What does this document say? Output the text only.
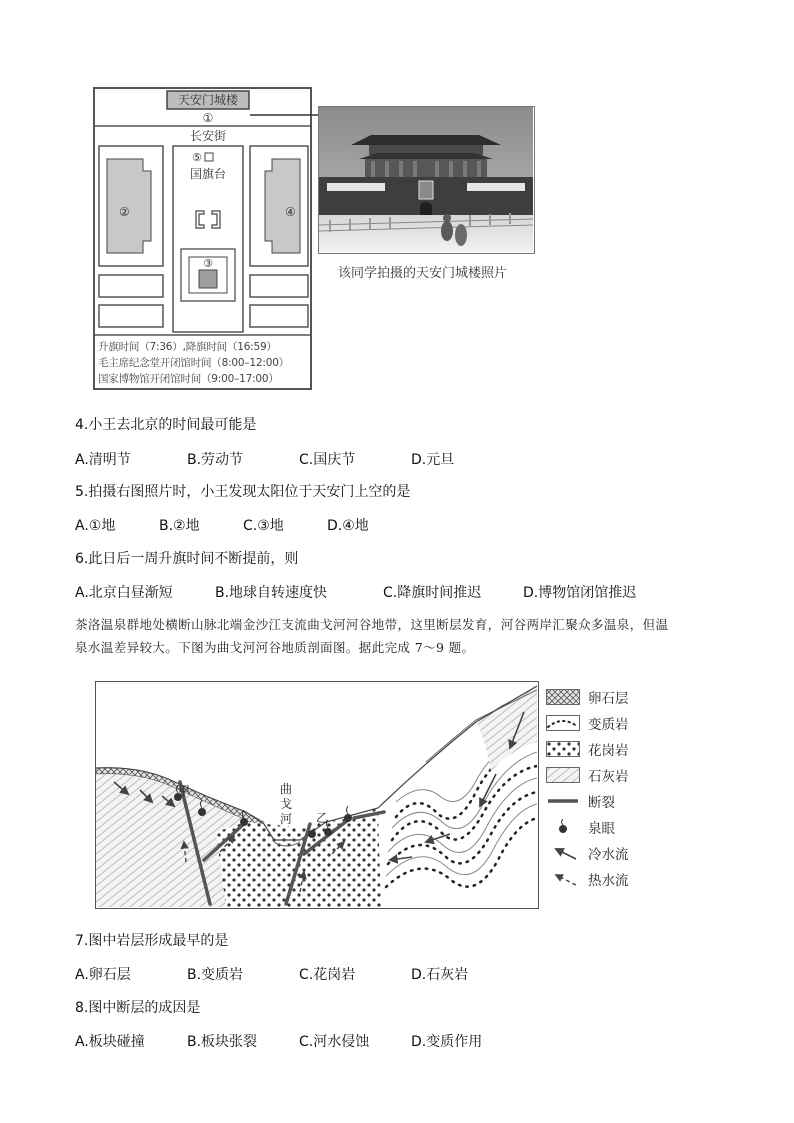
天安门城楼
①
长安街
②
⑤
国旗台
③
④
升旗时间（7:36）,降旗时间（16:59）
毛主席纪念堂开闭馆时间（8:00–12:00）
国家博物馆开闭馆时间（9:00–17:00）
该同学拍摄的天安门城楼照片
4.小王去北京的时间最可能是
A.清明节	B.劳动节	C.国庆节	D.元旦
5.拍摄右图照片时，小王发现太阳位于天安门上空的是
A.①地	B.②地	C.③地	D.④地
6.此日后一周升旗时间不断提前，则
A.北京白昼渐短	B.地球自转速度快	C.降旗时间推迟	D.博物馆闭馆推迟
茶洛温泉群地处横断山脉北端金沙江支流曲戈河河谷地带，这里断层发育，河谷两岸汇聚众多温泉，但温
泉水温差异较大。下图为曲戈河河谷地质剖面图。据此完成 7～9 题。
甲
乙
曲戈河
卵石层
变质岩
花岗岩
石灰岩
断裂
泉眼
冷水流
热水流
7.图中岩层形成最早的是
A.卵石层	B.变质岩	C.花岗岩	D.石灰岩
8.图中断层的成因是
A.板块碰撞	B.板块张裂	C.河水侵蚀	D.变质作用
